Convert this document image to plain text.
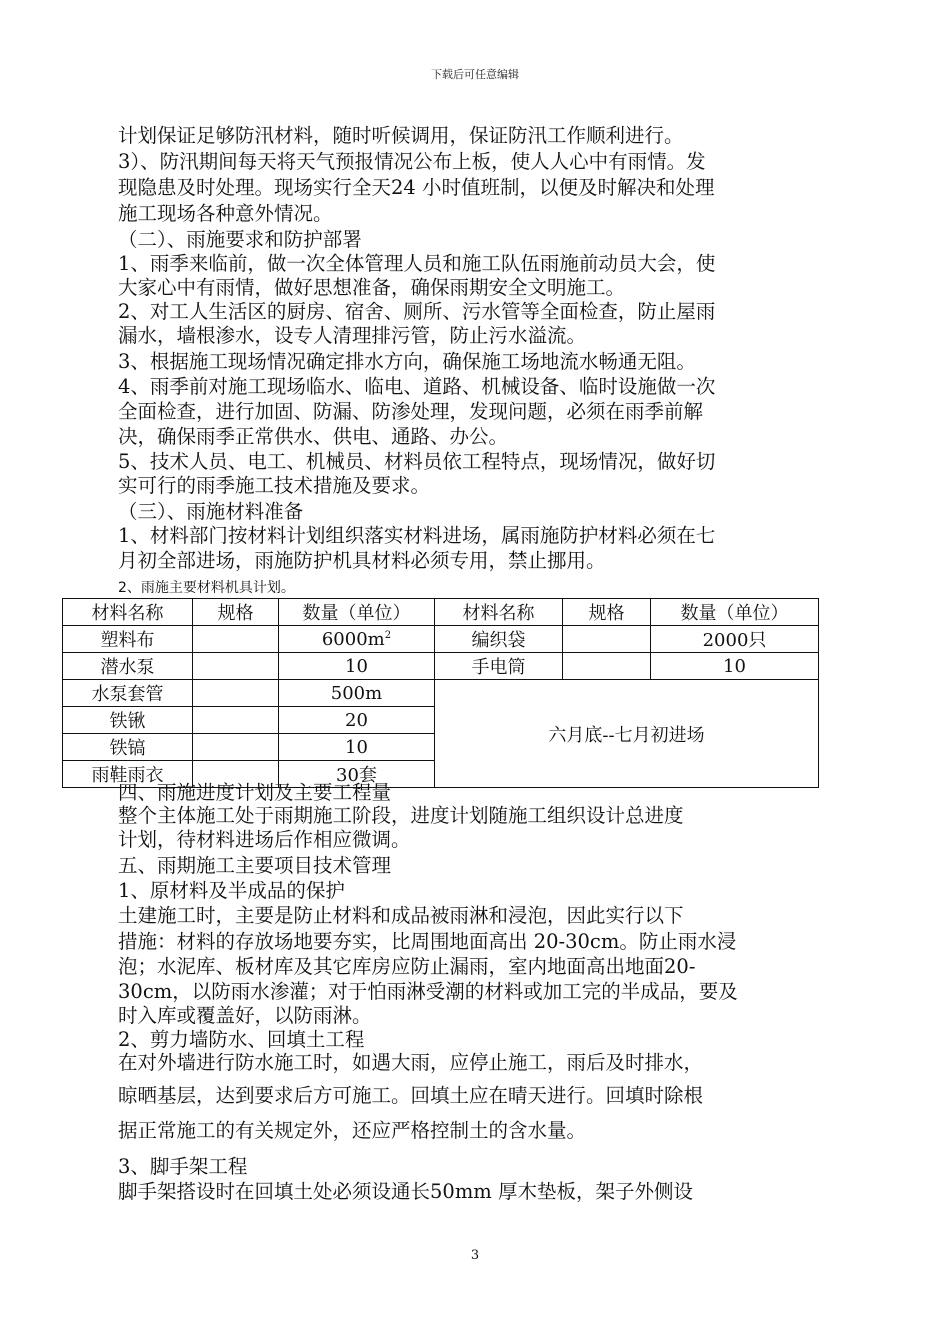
下载后可任意编辑
计划保证足够防汛材料，随时听候调用，保证防汛工作顺利进行。
3）、防汛期间每天将天气预报情况公布上板，使人人心中有雨情。发
现隐患及时处理。现场实行全天24 小时值班制，以便及时解决和处理
施工现场各种意外情况。
（二）、雨施要求和防护部署
1、雨季来临前，做一次全体管理人员和施工队伍雨施前动员大会，使
大家心中有雨情，做好思想准备，确保雨期安全文明施工。
2、对工人生活区的厨房、宿舍、厕所、污水管等全面检查，防止屋雨
漏水，墙根渗水，设专人清理排污管，防止污水溢流。
3、根据施工现场情况确定排水方向，确保施工场地流水畅通无阻。
4、雨季前对施工现场临水、临电、道路、机械设备、临时设施做一次
全面检查，进行加固、防漏、防渗处理，发现问题，必须在雨季前解
决，确保雨季正常供水、供电、通路、办公。
5、技术人员、电工、机械员、材料员依工程特点，现场情况，做好切
实可行的雨季施工技术措施及要求。
（三）、雨施材料准备
1、材料部门按材料计划组织落实材料进场，属雨施防护材料必须在七
月初全部进场，雨施防护机具材料必须专用，禁止挪用。
2、雨施主要材料机具计划。
材料名称	规格	数量（单位）	材料名称	规格	数量（单位）
塑料布		$6000m^2$	编织袋		2000只
潜水泵		10	手电筒		10
水泵套管		500m	六月底--七月初进场		
铁锹		20			
铁镐		10			
雨鞋雨衣		30套			
四、雨施进度计划及主要工程量
整个主体施工处于雨期施工阶段，进度计划随施工组织设计总进度
计划，待材料进场后作相应微调。
五、雨期施工主要项目技术管理
1、原材料及半成品的保护
土建施工时，主要是防止材料和成品被雨淋和浸泡，因此实行以下
措施：材料的存放场地要夯实，比周围地面高出 20-30cm。防止雨水浸
泡；水泥库、板材库及其它库房应防止漏雨，室内地面高出地面20-
30cm，以防雨水渗灌；对于怕雨淋受潮的材料或加工完的半成品，要及
时入库或覆盖好，以防雨淋。
2、剪力墙防水、回填土工程
在对外墙进行防水施工时，如遇大雨，应停止施工，雨后及时排水，
晾晒基层，达到要求后方可施工。回填土应在晴天进行。回填时除根
据正常施工的有关规定外，还应严格控制土的含水量。
3、脚手架工程
脚手架搭设时在回填土处必须设通长50mm 厚木垫板，架子外侧设
3
